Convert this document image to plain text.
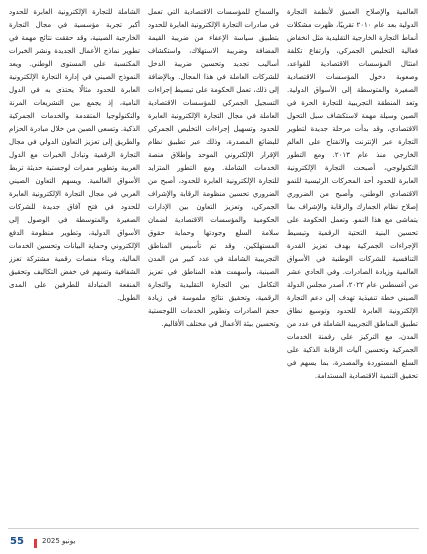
العالمية والإصلاح العميق لأنظمة التجارة الدولية بعد عام ٢٠١٠ تقريبًا، ظهرت مشكلات أنماط التجارة الخارجية التقليدية مثل انخفاض فعالية التخليص الجمركي، وارتفاع تكلفة امتثال المؤسسات الاقتصادية للقواعد، وصعوبة دخول المؤسسات الاقتصادية الصغيرة والمتوسطة إلى الأسواق الدولية. وتعد المنطقة التجريبية للتجارة الحرة في الصين وسيلة مهمة لاستكشاف سبل التحول الاقتصادي، وقد بدأت مرحلة جديدة لتطوير التجارة عبر الإنترنت والانفتاح على العالم الخارجي منذ عام ٢٠١٣. ومع التطور التكنولوجي، أصبحت التجارة الإلكترونية العابرة للحدود أحد المحركات الرئيسية للنمو الاقتصادي الوطني، وأصبح من الضروري إصلاح نظام الجمارك والرقابة والإشراف بما يتماشى مع هذا النمو. وتعمل الحكومة على تحسين البنية التحتية الرقمية وتبسيط الإجراءات الجمركية بهدف تعزيز القدرة التنافسية للشركات الوطنية في الأسواق العالمية وزيادة الصادرات. وفي الحادي عشر من أغسطس عام ٢٠٢٢، أصدر مجلس الدولة الصيني خطة تنفيذية تهدف إلى دعم التجارة الإلكترونية العابرة للحدود وتوسيع نطاق تطبيق المناطق التجريبية الشاملة في عدد من المدن، مع التركيز على رقمنة الخدمات الجمركية وتحسين آليات الرقابة الذكية على السلع المستوردة والمصدرة، بما يسهم في تحقيق التنمية الاقتصادية المستدامة.

والسماح للمؤسسات الاقتصادية التي تعمل في صادرات التجارة الإلكترونية العابرة للحدود بتطبيق سياسة الإعفاء من ضريبة القيمة المضافة وضريبة الاستهلاك، واستكشاف أساليب تجديد وتحسين ضريبة الدخل للشركات العاملة في هذا المجال. وبالإضافة إلى ذلك، تعمل الحكومة على تبسيط إجراءات التسجيل الجمركي للمؤسسات الاقتصادية العاملة في مجال التجارة الإلكترونية العابرة للحدود وتسهيل إجراءات التخليص الجمركي للبضائع المصدرة، وذلك عبر تطبيق نظام الإقرار الإلكتروني الموحد وإطلاق منصة الخدمات الشاملة. ومع التطور المتزايد للتجارة الإلكترونية العابرة للحدود، أصبح من الضروري تحسين منظومة الرقابة والإشراف الجمركي، وتعزيز التعاون بين الإدارات الحكومية والمؤسسات الاقتصادية لضمان سلامة السلع وجودتها وحماية حقوق المستهلكين. وقد تم تأسيس المناطق التجريبية الشاملة في عدد كبير من المدن الصينية، وأسهمت هذه المناطق في تعزيز التكامل بين التجارة التقليدية والتجارة الرقمية، وتحقيق نتائج ملموسة في زيادة حجم الصادرات وتطوير الخدمات اللوجستية وتحسين بيئة الأعمال في مختلف الأقاليم.

الشاملة للتجارة الإلكترونية العابرة للحدود أكبر تجربة مؤسسية في مجال التجارة الخارجية الصينية، وقد حققت نتائج مهمة في تطوير نماذج الأعمال الجديدة ونشر الخبرات المكتسبة على المستوى الوطني. ويعد النموذج الصيني في إدارة التجارة الإلكترونية العابرة للحدود مثالًا يحتذى به في الدول النامية، إذ يجمع بين التشريعات المرنة والتكنولوجيا المتقدمة والخدمات الجمركية الذكية. وتسعى الصين من خلال مبادرة الحزام والطريق إلى تعزيز التعاون الدولي في مجال التجارة الرقمية وتبادل الخبرات مع الدول العربية وتطوير ممرات لوجستية حديثة تربط الأسواق العالمية. ويسهم التعاون الصيني العربي في مجال التجارة الإلكترونية العابرة للحدود في فتح آفاق جديدة للشركات الصغيرة والمتوسطة في الوصول إلى الأسواق الدولية، وتطوير منظومة الدفع الإلكتروني وحماية البيانات وتحسين الخدمات المالية، وبناء منصات رقمية مشتركة تعزز الشفافية وتسهم في خفض التكاليف وتحقيق المنفعة المتبادلة للطرفين على المدى الطويل.

55	يونيو 2025
